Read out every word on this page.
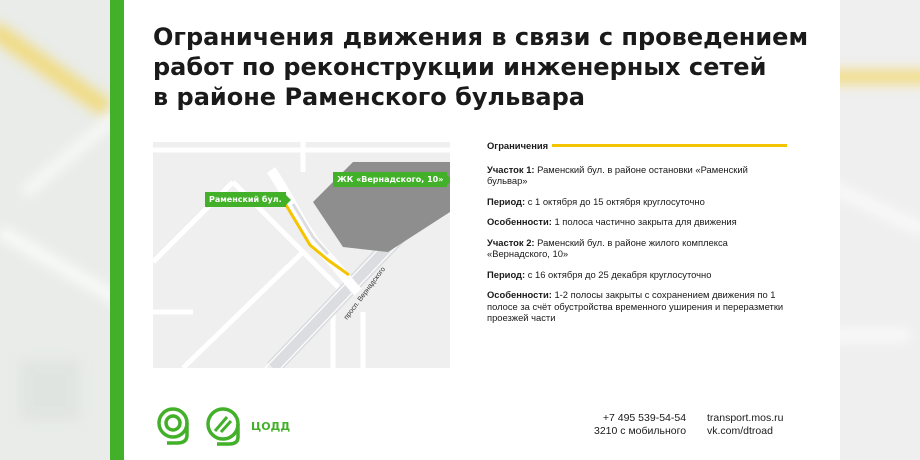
Ограничения движения в связи с проведением
работ по реконструкции инженерных сетей
в районе Раменского бульвара
Раменский бул.
ЖК «Вернадского, 10»
просп. Вернадского
Ограничения

Участок 1: Раменский бул. в районе остановки «Раменский бульвар»

Период: с 1 октября до 15 октября круглосуточно

Особенности: 1 полоса частично закрыта для движения

Участок 2: Раменский бул. в районе жилого комплекса «Вернадского, 10»

Период: с 16 октября до 25 декабря круглосуточно

Особенности: 1-2 полосы закрыты с сохранением движения по 1 полосе за счёт обустройства временного уширения и переразметки проезжей части

ЦОДД
+7 495 539-54-54
3210 с мобильного
transport.mos.ru
vk.com/dtroad
